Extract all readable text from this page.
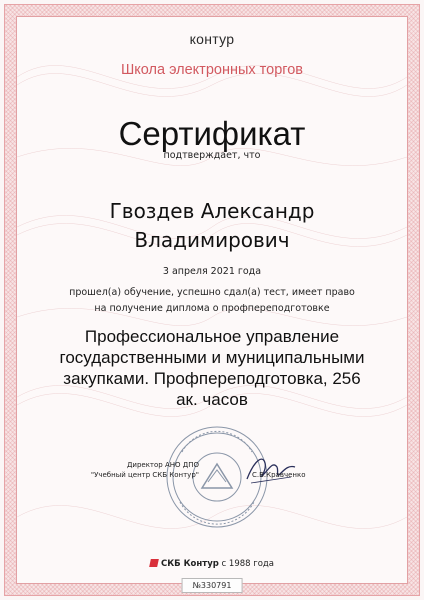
контур
Школа электронных торгов
Сертификат
подтверждает, что
Гвоздев Александр
Владимирович
3 апреля 2021 года
прошел(а) обучение, успешно сдал(а) тест, имеет право
на получение диплома о профпереподготовке
Профессиональное управление
государственными и муниципальными
закупками. Профпереподготовка, 256
ак. часов
Директор АНО ДПО
"Учебный центр СКБ Контур"	С.В.Кравченко
СКБ Контур с 1988 года
№330791
